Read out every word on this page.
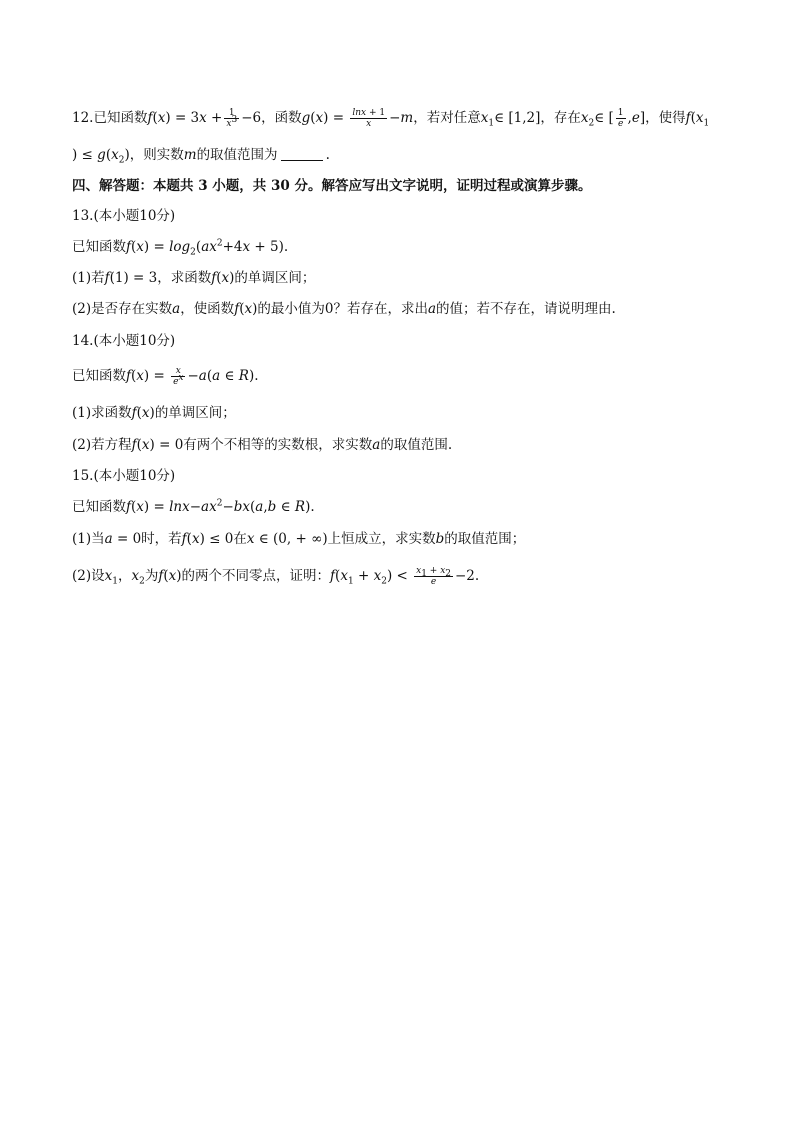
12.已知函数$f(x) = 3x + \frac{1}{x^3} -6$，函数$g(x) = \frac{\ln x + 1}{x} -m$，若对任意$x_1\in$ [1,2]，存在$x_2\in$ [ $\frac{1}{e} ,e$]，使得$f(x_1$
) ≤ $g(x_2)$，则实数m的取值范围为	.
四、解答题：本题共 3 小题，共 30 分。解答应写出文字说明，证明过程或演算步骤。
13.(本小题10分)
已知函数$f(x) = \log_2(ax^2+4x + 5)$.
(1)若f(1) = 3，求函数f(x)的单调区间；
(2)是否存在实数a，使函数f(x)的最小值为0？若存在，求出a的值；若不存在，请说明理由.
14.(本小题10分)
已知函数$f(x) = \frac{x}{e^x} -a(a$ ∈ R).
(1)求函数f(x)的单调区间；
(2)若方程f(x) = 0有两个不相等的实数根，求实数a的取值范围.
15.(本小题10分)
已知函数$f(x) = \ln x-ax^2-bx(a,b$ ∈ R).
(1)当a = 0时，若f(x) ≤ 0在x ∈ (0, + ∞)上恒成立，求实数b的取值范围；
(2)设$x_1$，$x_2$为f(x)的两个不同零点，证明：$f(x_1 + x_2) < \frac{x_1 + x_2}{e} -2$.
